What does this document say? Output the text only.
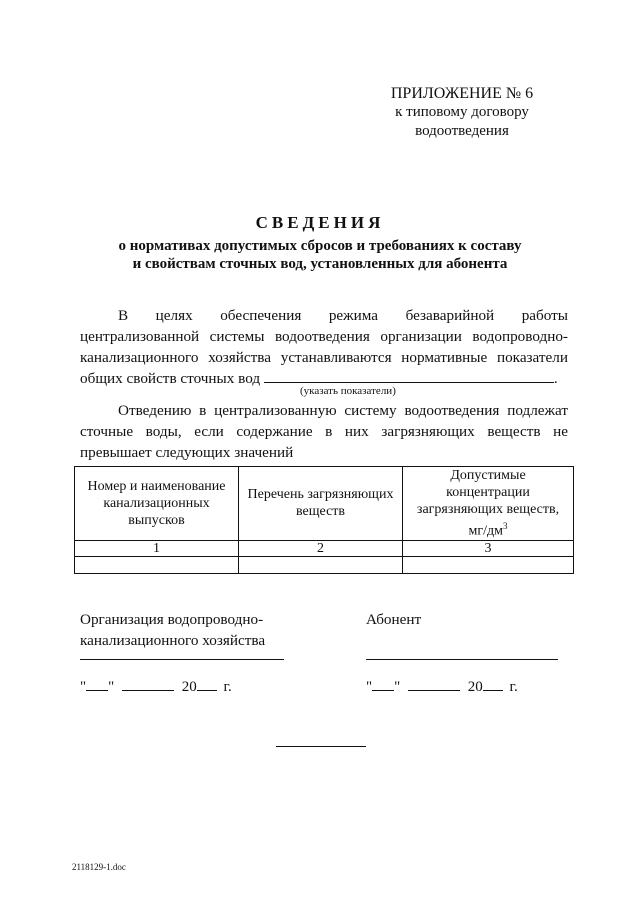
ПРИЛОЖЕНИЕ № 6
к типовому договору
водоотведения
СВЕДЕНИЯ
о нормативах допустимых сбросов и требованиях к составу
и свойствам сточных вод, установленных для абонента
В целях обеспечения режима безаварийной работы
централизованной системы водоотведения организации водопроводно-
канализационного хозяйства устанавливаются нормативные показатели
общих свойств сточных вод	.
(указать показатели)
Отведению в централизованную систему водоотведения подлежат
сточные воды, если содержание в них загрязняющих веществ не
превышает следующих значений
Номер и наименование канализационных выпусков	Перечень загрязняющих веществ	Допустимые концентрации загрязняющих веществ, $мг/дм^3$
1	2	3

Организация водопроводно-
канализационного хозяйства
Абонент
" "	20 г.	" "	20 г.
2118129-1.doc
